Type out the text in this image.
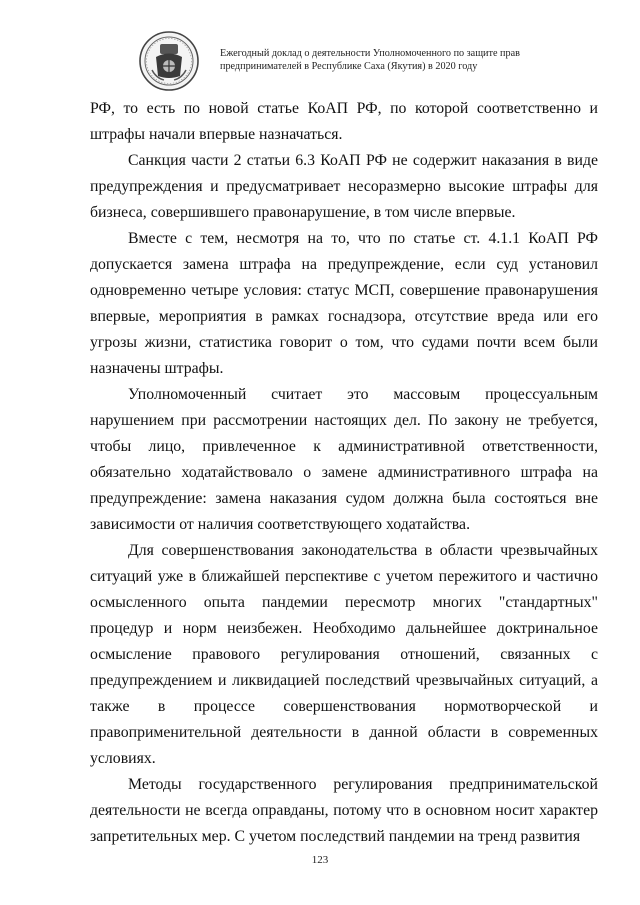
Ежегодный доклад о деятельности Уполномоченного по защите прав
предпринимателей в Республике Саха (Якутия) в 2020 году

РФ, то есть по новой статье КоАП РФ, по которой соответственно и штрафы начали впервые назначаться.

Санкция части 2 статьи 6.3 КоАП РФ не содержит наказания в виде предупреждения и предусматривает несоразмерно высокие штрафы для бизнеса, совершившего правонарушение, в том числе впервые.

Вместе с тем, несмотря на то, что по статье ст. 4.1.1 КоАП РФ допускается замена штрафа на предупреждение, если суд установил одновременно четыре условия: статус МСП, совершение правонарушения впервые, мероприятия в рамках госнадзора, отсутствие вреда или его угрозы жизни, статистика говорит о том, что судами почти всем были назначены штрафы.

Уполномоченный считает это массовым процессуальным нарушением при рассмотрении настоящих дел. По закону не требуется, чтобы лицо, привлеченное к административной ответственности, обязательно ходатайствовало о замене административного штрафа на предупреждение: замена наказания судом должна была состояться вне зависимости от наличия соответствующего ходатайства.

Для совершенствования законодательства в области чрезвычайных ситуаций уже в ближайшей перспективе с учетом пережитого и частично осмысленного опыта пандемии пересмотр многих "стандартных" процедур и норм неизбежен. Необходимо дальнейшее доктринальное осмысление правового регулирования отношений, связанных с предупреждением и ликвидацией последствий чрезвычайных ситуаций, а также в процессе совершенствования нормотворческой и правоприменительной деятельности в данной области в современных условиях.

Методы государственного регулирования предпринимательской деятельности не всегда оправданы, потому что в основном носит характер запретительных мер. С учетом последствий пандемии на тренд развития

123
